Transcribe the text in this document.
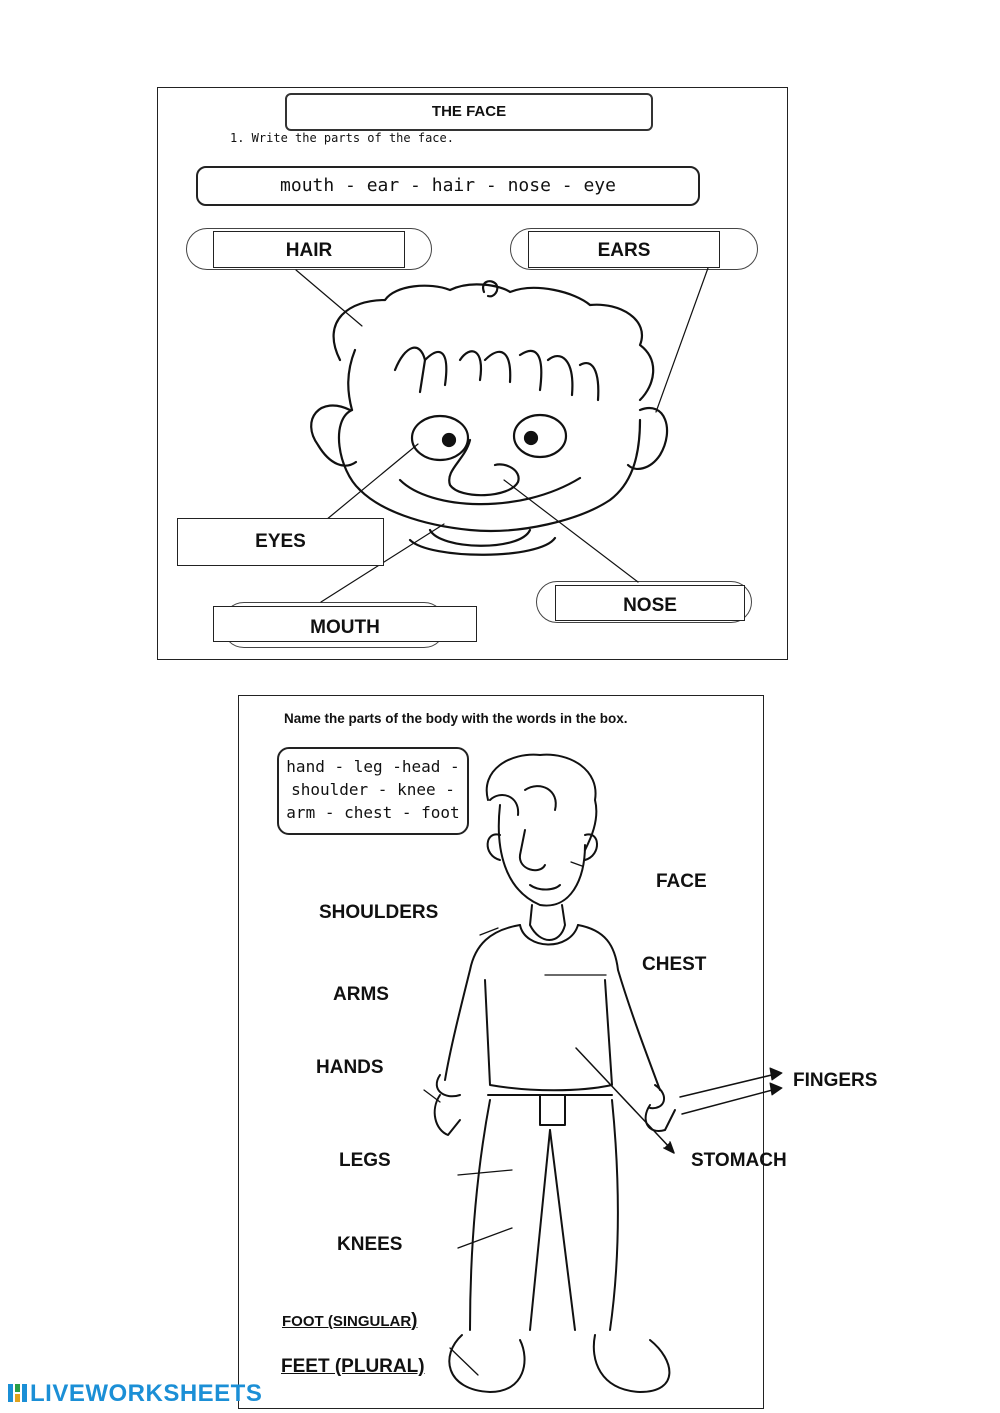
THE FACE
1. Write the parts of the face.
mouth - ear - hair - nose - eye
HAIR	EARS
EYES
NOSE
MOUTH
Name the parts of the body with the words in the box.
hand - leg -head -
shoulder - knee -
arm - chest - foot
FACE
SHOULDERS
CHEST
ARMS
HANDS
FINGERS
LEGS	STOMACH
KNEES
FOOT (SINGULAR)
FEET (PLURAL)
LIVEWORKSHEETS
